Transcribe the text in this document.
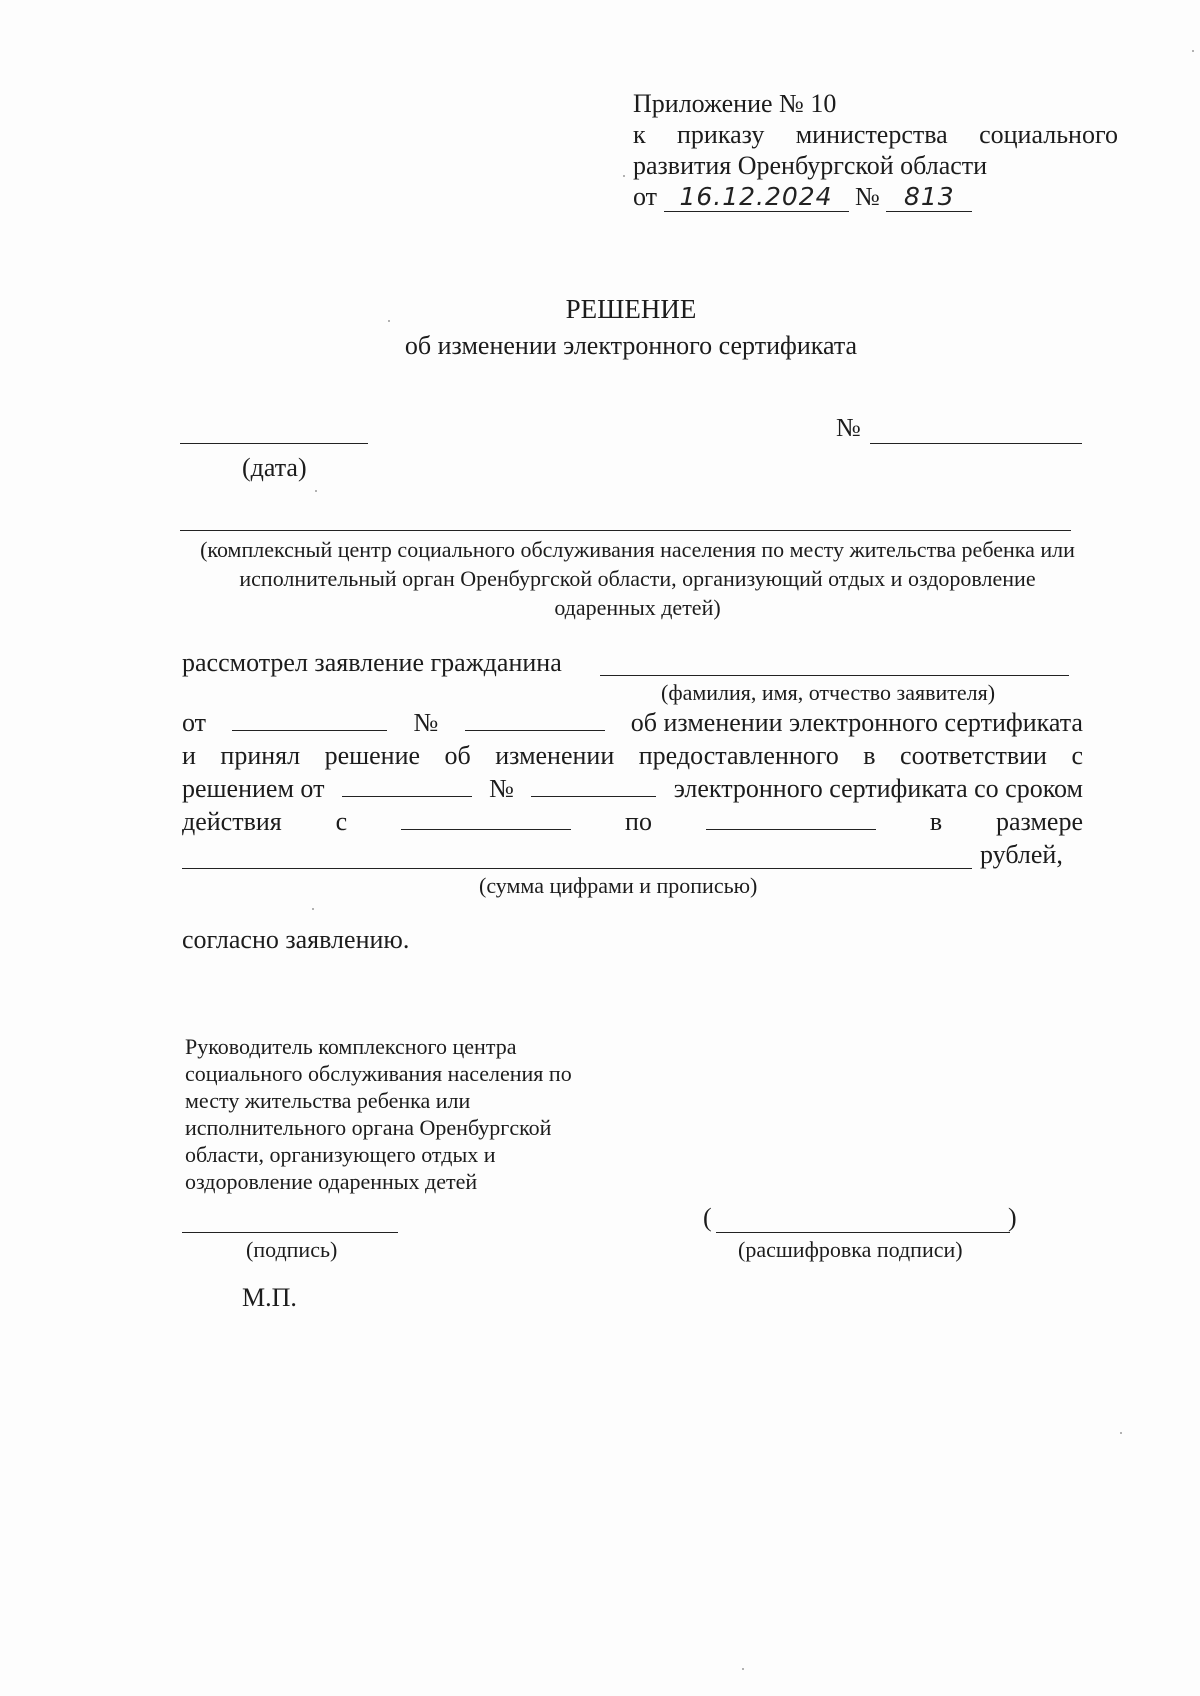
Приложение № 10
к приказу министерства социального
развития Оренбургской области
от
16.12.2024
№
813
РЕШЕНИЕ
об изменении электронного сертификата
(дата)
№
(комплексный центр социального обслуживания населения по месту жительства ребенка или исполнительный орган Оренбургской области, организующий отдых и оздоровление одаренных детей)
рассмотрел заявление гражданина
(фамилия, имя, отчество заявителя)
от	№	об изменении электронного сертификата
и принял решение об изменении предоставленного в соответствии с
решением от	№	электронного сертификата со сроком
действия с	по	в размере
рублей,
(сумма цифрами и прописью)
согласно заявлению.
Руководитель комплексного центра
социального обслуживания населения по
месту жительства ребенка или
исполнительного органа Оренбургской
области, организующего отдых и
оздоровление одаренных детей
(подпись)
(	)
(расшифровка подписи)
М.П.
